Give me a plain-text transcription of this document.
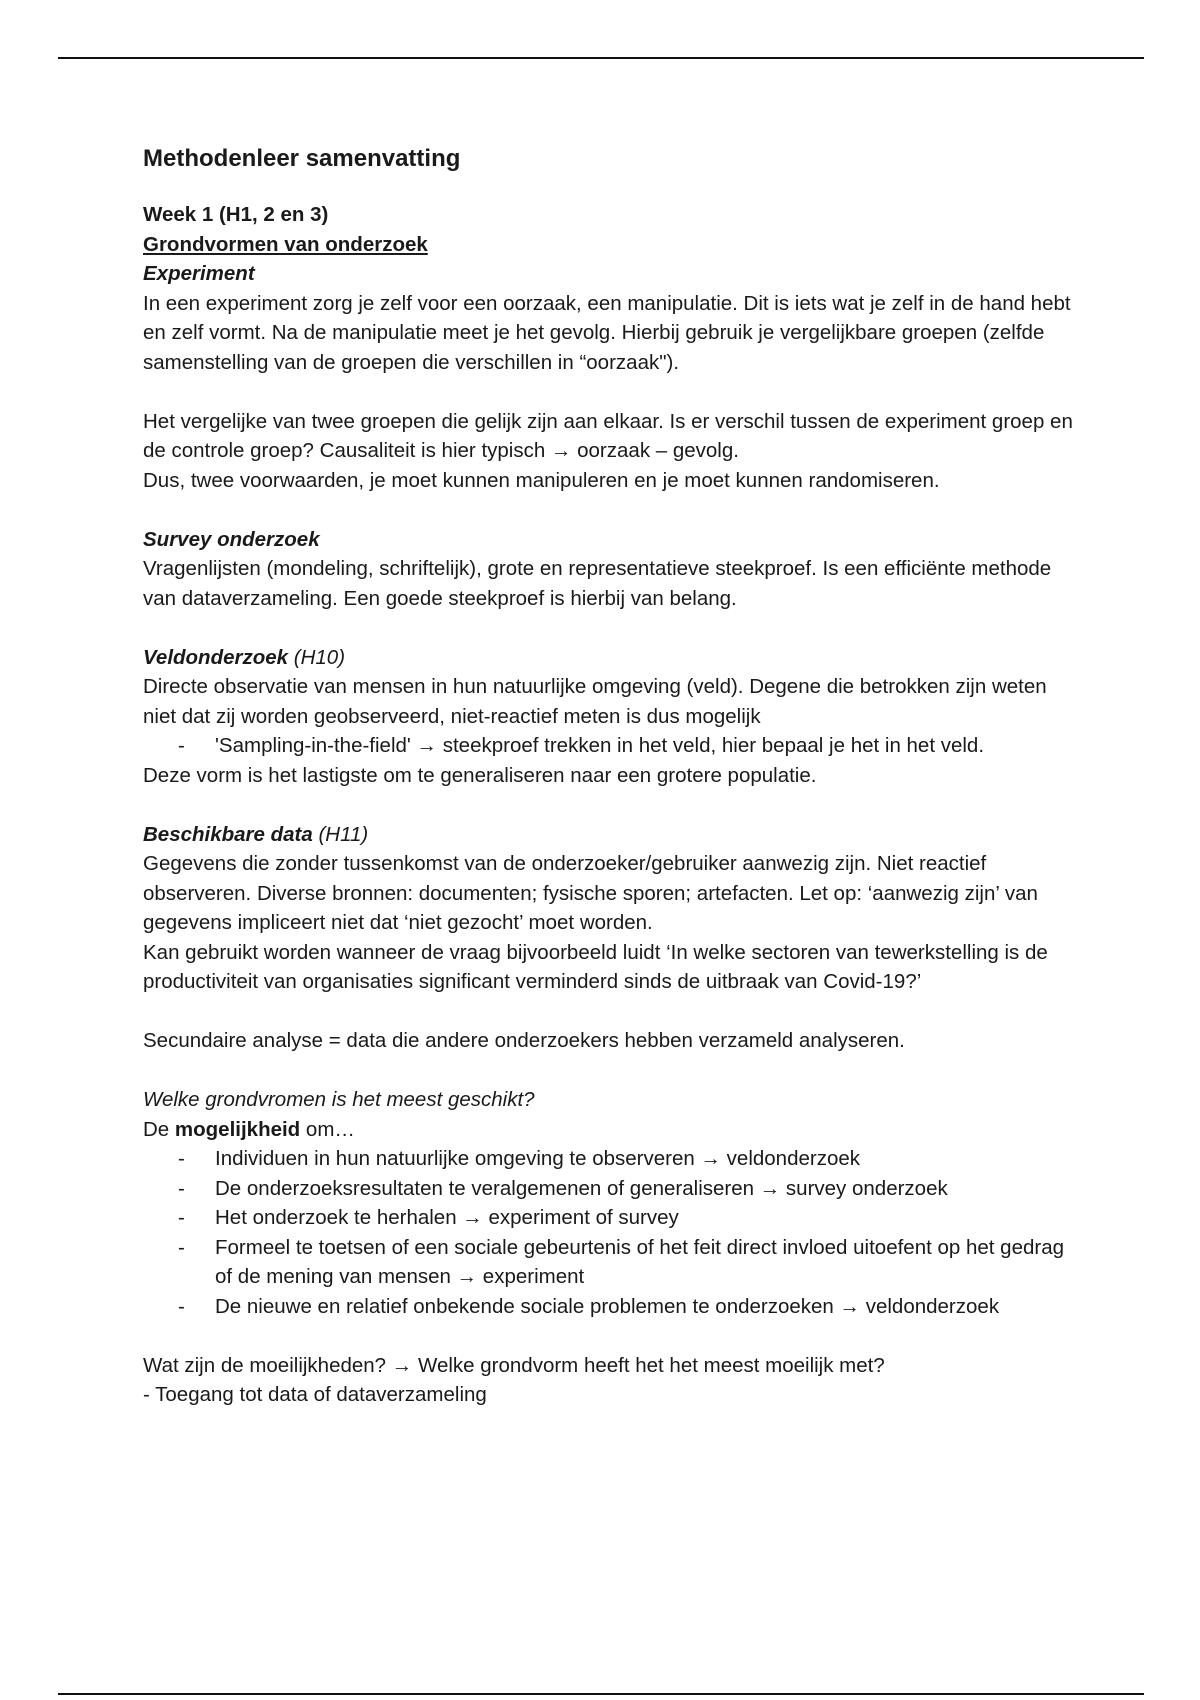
Methodenleer samenvatting

Week 1 (H1, 2 en 3)

Grondvormen van onderzoek

Experiment

In een experiment zorg je zelf voor een oorzaak, een manipulatie. Dit is iets wat je zelf in de hand hebt en zelf vormt. Na de manipulatie meet je het gevolg. Hierbij gebruik je vergelijkbare groepen (zelfde samenstelling van de groepen die verschillen in “oorzaak").

Het vergelijke van twee groepen die gelijk zijn aan elkaar. Is er verschil tussen de experiment groep en de controle groep? Causaliteit is hier typisch → oorzaak – gevolg.

Dus, twee voorwaarden, je moet kunnen manipuleren en je moet kunnen randomiseren.

Survey onderzoek

Vragenlijsten (mondeling, schriftelijk), grote en representatieve steekproef. Is een efficiënte methode van dataverzameling. Een goede steekproef is hierbij van belang.

Veldonderzoek (H10)

Directe observatie van mensen in hun natuurlijke omgeving (veld). Degene die betrokken zijn weten niet dat zij worden geobserveerd, niet-reactief meten is dus mogelijk

- 'Sampling-in-the-field' → steekproef trekken in het veld, hier bepaal je het in het veld.

Deze vorm is het lastigste om te generaliseren naar een grotere populatie.

Beschikbare data (H11)

Gegevens die zonder tussenkomst van de onderzoeker/gebruiker aanwezig zijn. Niet reactief observeren. Diverse bronnen: documenten; fysische sporen; artefacten. Let op: ‘aanwezig zijn’ van gegevens impliceert niet dat ‘niet gezocht’ moet worden.

Kan gebruikt worden wanneer de vraag bijvoorbeeld luidt ‘In welke sectoren van tewerkstelling is de productiviteit van organisaties significant verminderd sinds de uitbraak van Covid-19?’

Secundaire analyse = data die andere onderzoekers hebben verzameld analyseren.

Welke grondvromen is het meest geschikt?

De mogelijkheid om…

- Individuen in hun natuurlijke omgeving te observeren → veldonderzoek
- De onderzoeksresultaten te veralgemenen of generaliseren → survey onderzoek
- Het onderzoek te herhalen → experiment of survey
- Formeel te toetsen of een sociale gebeurtenis of het feit direct invloed uitoefent op het gedrag of de mening van mensen → experiment
- De nieuwe en relatief onbekende sociale problemen te onderzoeken → veldonderzoek

Wat zijn de moeilijkheden? → Welke grondvorm heeft het het meest moeilijk met?

- Toegang tot data of dataverzameling
